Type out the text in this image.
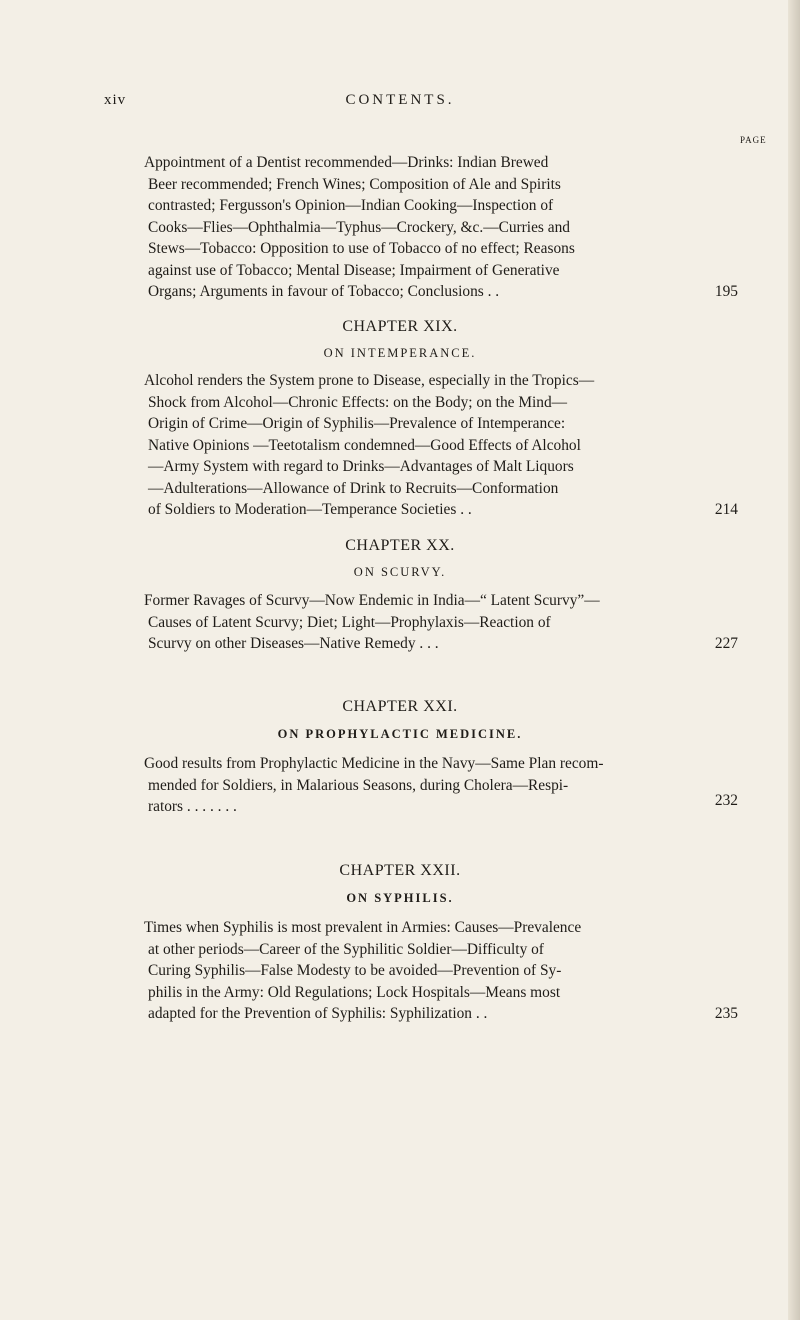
xiv	CONTENTS.
PAGE
Appointment of a Dentist recommended—Drinks: Indian Brewed
Beer recommended; French Wines; Composition of Ale and Spirits
contrasted; Fergusson's Opinion—Indian Cooking—Inspection of
Cooks—Flies—Ophthalmia—Typhus—Crockery, &c.—Curries and
Stews—Tobacco: Opposition to use of Tobacco of no effect; Reasons
against use of Tobacco; Mental Disease; Impairment of Generative
Organs; Arguments in favour of Tobacco; Conclusions . .	195
CHAPTER XIX.
ON INTEMPERANCE.
Alcohol renders the System prone to Disease, especially in the Tropics—
Shock from Alcohol—Chronic Effects: on the Body; on the Mind—
Origin of Crime—Origin of Syphilis—Prevalence of Intemperance:
Native Opinions —Teetotalism condemned—Good Effects of Alcohol
—Army System with regard to Drinks—Advantages of Malt Liquors
—Adulterations—Allowance of Drink to Recruits—Conformation
of Soldiers to Moderation—Temperance Societies . .	214
CHAPTER XX.
ON SCURVY.
Former Ravages of Scurvy—Now Endemic in India—“ Latent Scurvy”—
Causes of Latent Scurvy; Diet; Light—Prophylaxis—Reaction of
Scurvy on other Diseases—Native Remedy . . .	227
CHAPTER XXI.
ON PROPHYLACTIC MEDICINE.
Good results from Prophylactic Medicine in the Navy—Same Plan recom-
mended for Soldiers, in Malarious Seasons, during Cholera—Respi-
rators . . . . . . .	232
CHAPTER XXII.
ON SYPHILIS.
Times when Syphilis is most prevalent in Armies: Causes—Prevalence
at other periods—Career of the Syphilitic Soldier—Difficulty of
Curing Syphilis—False Modesty to be avoided—Prevention of Sy-
philis in the Army: Old Regulations; Lock Hospitals—Means most
adapted for the Prevention of Syphilis: Syphilization . .	235
